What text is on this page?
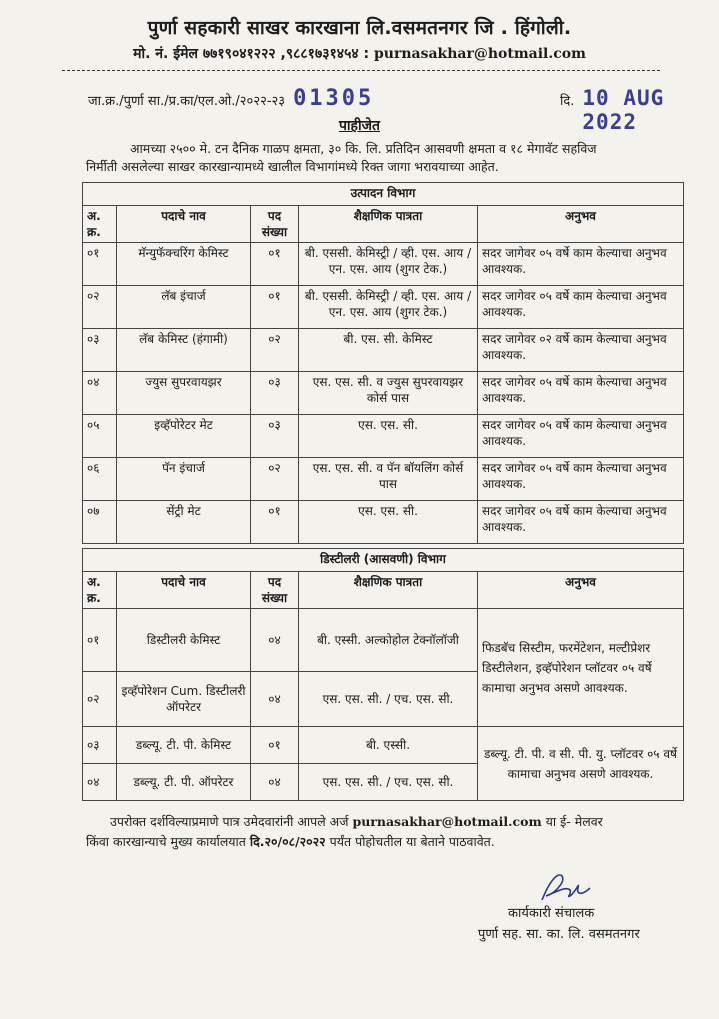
पुर्णा सहकारी साखर कारखाना लि.वसमतनगर जि . हिंगोली.
मो. नं. ईमेल ७७१९०४१२२२ ,९८८१७३१४५४ : purnasakhar@hotmail.com
जा.क्र./पुर्णा सा./प्र.का/एल.ओ./२०२२-२३ 01305	दि. 10 AUG 2022
पाहीजेत
आमच्या २५०० मे. टन दैनिक गाळप क्षमता, ३० कि. लि. प्रतिदिन आसवणी क्षमता व १८ मेगावॅट सहविज
निर्मीती असलेल्या साखर कारखान्यामध्ये खालील विभागांमध्ये रिक्त जागा भरावयाच्या आहेत.
उत्पादन विभाग				
अ. क्र.	पदाचे नाव	पद संख्या	शैक्षणिक पात्रता	अनुभव
०१	मॅन्युफॅक्चरिंग केमिस्ट	०१	बी. एससी. केमिस्ट्री / व्ही. एस. आय / एन. एस. आय (शुगर टेक.)	सदर जागेवर ०५ वर्षे काम केल्याचा अनुभव आवश्यक.
०२	लॅब इंचार्ज	०१	बी. एससी. केमिस्ट्री / व्ही. एस. आय / एन. एस. आय (शुगर टेक.)	सदर जागेवर ०५ वर्षे काम केल्याचा अनुभव आवश्यक.
०३	लॅब केमिस्ट (हंगामी)	०२	बी. एस. सी. केमिस्ट	सदर जागेवर ०२ वर्षे काम केल्याचा अनुभव आवश्यक.
०४	ज्युस सुपरवायझर	०३	एस. एस. सी. व ज्युस सुपरवायझर कोर्स पास	सदर जागेवर ०५ वर्षे काम केल्याचा अनुभव आवश्यक.
०५	इव्हॅपोरेटर मेट	०३	एस. एस. सी.	सदर जागेवर ०५ वर्षे काम केल्याचा अनुभव आवश्यक.
०६	पॅन इंचार्ज	०२	एस. एस. सी. व पॅन बॉयलिंग कोर्स पास	सदर जागेवर ०५ वर्षे काम केल्याचा अनुभव आवश्यक.
०७	सेंट्री मेट	०१	एस. एस. सी.	सदर जागेवर ०५ वर्षे काम केल्याचा अनुभव आवश्यक.
डिस्टीलरी (आसवणी) विभाग				
अ. क्र.	पदाचे नाव	पद संख्या	शैक्षणिक पात्रता	अनुभव
०१	डिस्टीलरी केमिस्ट	०४	बी. एस्सी. अल्कोहोल टेक्नॉलॉजी	फिडबॅच सिस्टीम, फरमेंटेशन, मल्टीप्रेशर डिस्टीलेशन, इव्हॅपोरेशन प्लॉटवर ०५ वर्षे कामाचा अनुभव असणे आवश्यक.
०२	इव्हॅपोरेशन Cum. डिस्टीलरी ऑपरेटर	०४	एस. एस. सी. / एच. एस. सी.	
०३	डब्ल्यू. टी. पी. केमिस्ट	०१	बी. एस्सी.	डब्ल्यू. टी. पी. व सी. पी. यु. प्लॉटवर ०५ वर्षे कामाचा अनुभव असणे आवश्यक.
०४	डब्ल्यू. टी. पी. ऑपरेटर	०४	एस. एस. सी. / एच. एस. सी.	
उपरोक्त दर्शविल्याप्रमाणे पात्र उमेदवारांनी आपले अर्ज purnasakhar@hotmail.com या ई- मेलवर
किंवा कारखान्याचे मुख्य कार्यालयात दि.२०/०८/२०२२ पर्यंत पोहोचतील या बेताने पाठवावेत.
कार्यकारी संचालक
पुर्णा सह. सा. का. लि. वसमतनगर
